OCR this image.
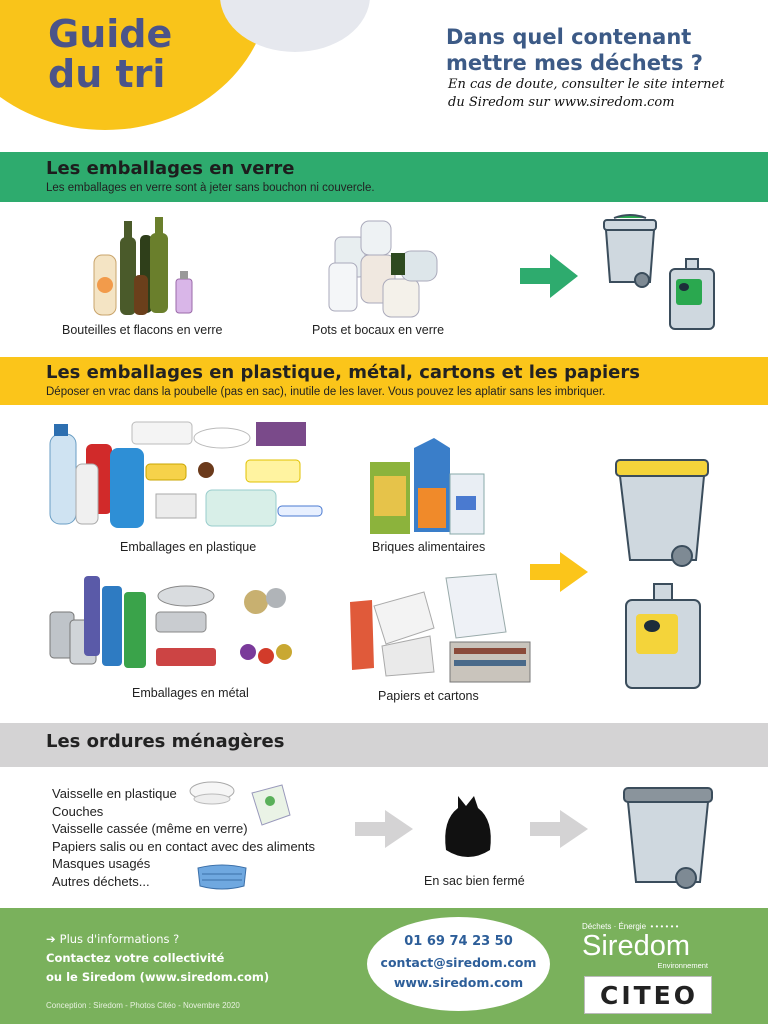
Guide
du tri
Dans quel contenant
mettre mes déchets ?
En cas de doute, consulter le site internet
du Siredom sur www.siredom.com
Les emballages en verre

Les emballages en verre sont à jeter sans bouchon ni couvercle.

Bouteilles et flacons en verre	Pots et bocaux en verre
Les emballages en plastique, métal, cartons et les papiers

Déposer en vrac dans la poubelle (pas en sac), inutile de les laver. Vous pouvez les aplatir sans les imbriquer.

Emballages en plastique	Briques alimentaires
Emballages en métal	Papiers et cartons
Les ordures ménagères
Vaisselle en plastique
Couches
Vaisselle cassée (même en verre)
Papiers salis ou en contact avec des aliments
Masques usagés
Autres déchets...	En sac bien fermé
➔ Plus d'informations ?
Contactez votre collectivité
ou le Siredom (www.siredom.com)
Conception : Siredom - Photos Citéo - Novembre 2020
01 69 74 23 50
contact@siredom.com
www.siredom.com
Déchets · Énergie  • • • • • •
Siredom
Environnement
CITEO
